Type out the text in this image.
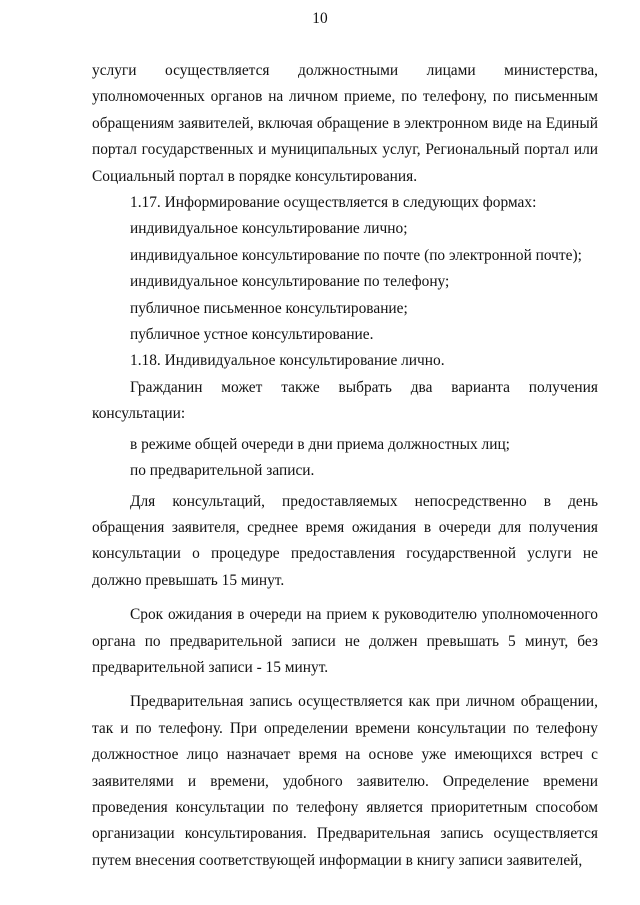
10

услуги осуществляется должностными лицами министерства, уполномоченных органов на личном приеме, по телефону, по письменным обращениям заявителей, включая обращение в электронном виде на Единый портал государственных и муниципальных услуг, Региональный портал или Социальный портал в порядке консультирования.

1.17. Информирование осуществляется в следующих формах:

индивидуальное консультирование лично;

индивидуальное консультирование по почте (по электронной почте);

индивидуальное консультирование по телефону;

публичное письменное консультирование;

публичное устное консультирование.

1.18. Индивидуальное консультирование лично.

Гражданин может также выбрать два варианта получения консультации:

в режиме общей очереди в дни приема должностных лиц;

по предварительной записи.

Для консультаций, предоставляемых непосредственно в день обращения заявителя, среднее время ожидания в очереди для получения консультации о процедуре предоставления государственной услуги не должно превышать 15 минут.

Срок ожидания в очереди на прием к руководителю уполномоченного органа по предварительной записи не должен превышать 5 минут, без предварительной записи - 15 минут.

Предварительная запись осуществляется как при личном обращении, так и по телефону. При определении времени консультации по телефону должностное лицо назначает время на основе уже имеющихся встреч с заявителями и времени, удобного заявителю. Определение времени проведения консультации по телефону является приоритетным способом организации консультирования. Предварительная запись осуществляется путем внесения соответствующей информации в книгу записи заявителей,
